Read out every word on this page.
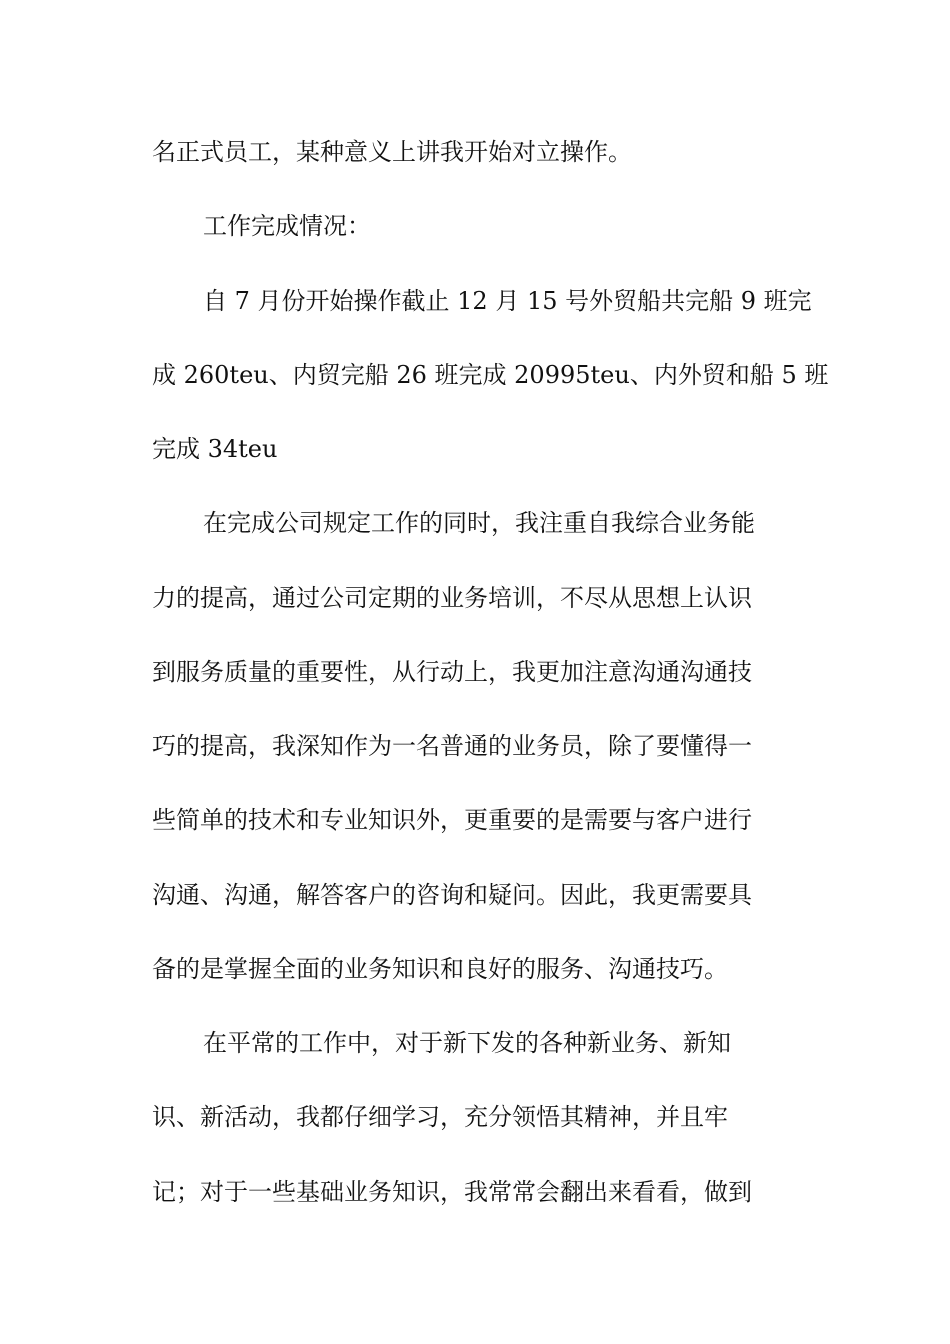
名正式员工，某种意义上讲我开始对立操作。
工作完成情况：
自 7 月份开始操作截止 12 月 15 号外贸船共完船 9 班完
成 260teu、内贸完船 26 班完成 20995teu、内外贸和船 5 班
完成 34teu
在完成公司规定工作的同时，我注重自我综合业务能
力的提高，通过公司定期的业务培训，不尽从思想上认识
到服务质量的重要性，从行动上，我更加注意沟通沟通技
巧的提高，我深知作为一名普通的业务员，除了要懂得一
些简单的技术和专业知识外，更重要的是需要与客户进行
沟通、沟通，解答客户的咨询和疑问。因此，我更需要具
备的是掌握全面的业务知识和良好的服务、沟通技巧。
在平常的工作中，对于新下发的各种新业务、新知
识、新活动，我都仔细学习，充分领悟其精神，并且牢
记；对于一些基础业务知识，我常常会翻出来看看，做到
